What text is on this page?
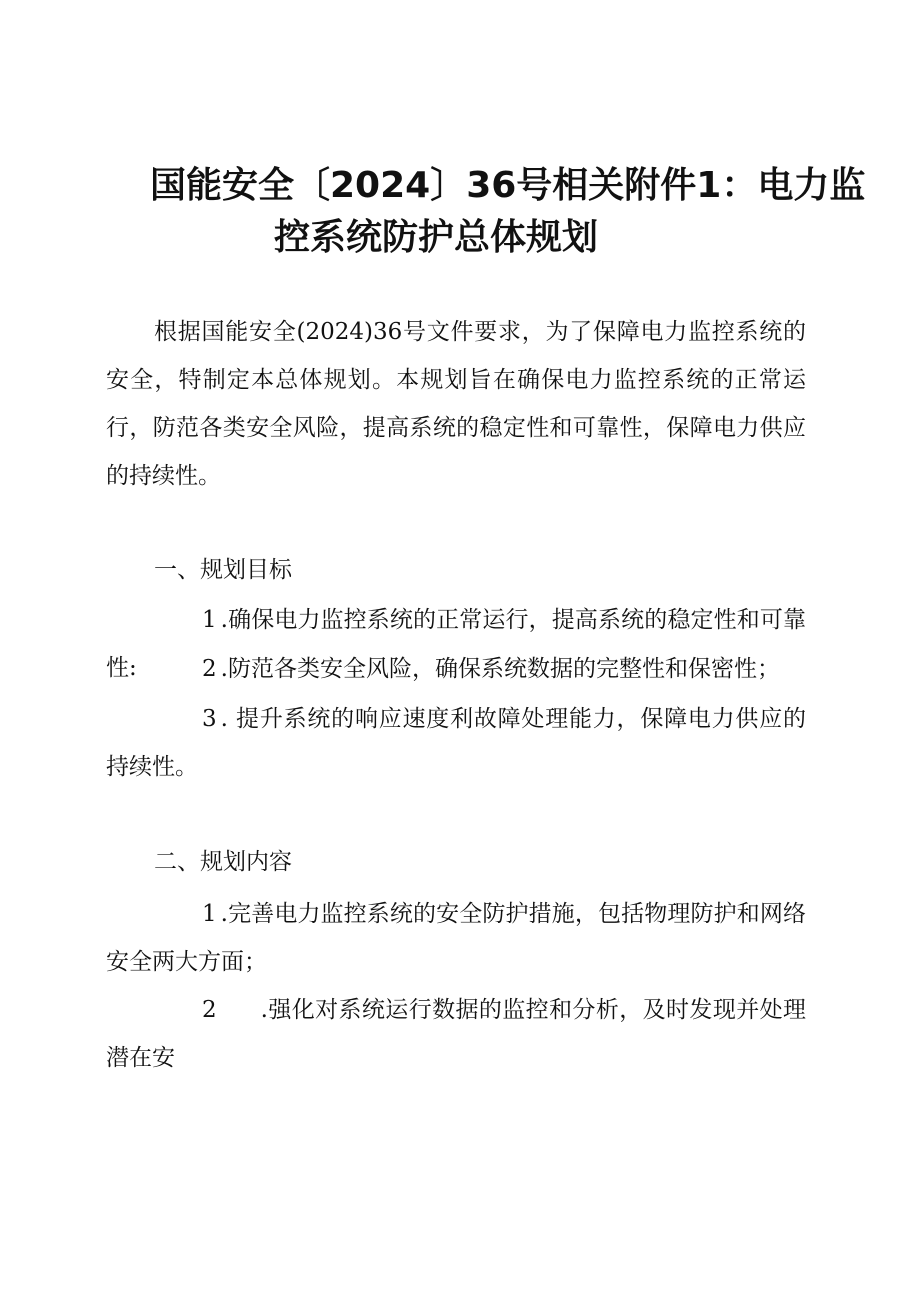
国能安全〔2024〕36号相关附件1：电力监
控系统防护总体规划

根据国能安全(2024)36号文件要求，为了保障电力监控系统的安全，特制定本总体规划。本规划旨在确保电力监控系统的正常运行，防范各类安全风险，提高系统的稳定性和可靠性，保障电力供应的持续性。

一、规划目标

1 .确保电力监控系统的正常运行，提高系统的稳定性和可靠性:	2 .防范各类安全风险，确保系统数据的完整性和保密性；

3 . 提升系统的响应速度利故障处理能力，保障电力供应的持续性。

二、规划内容

1 .完善电力监控系统的安全防护措施，包括物理防护和网络安全两大方面；

2 .强化对系统运行数据的监控和分析，及时发现并处理潜在安
